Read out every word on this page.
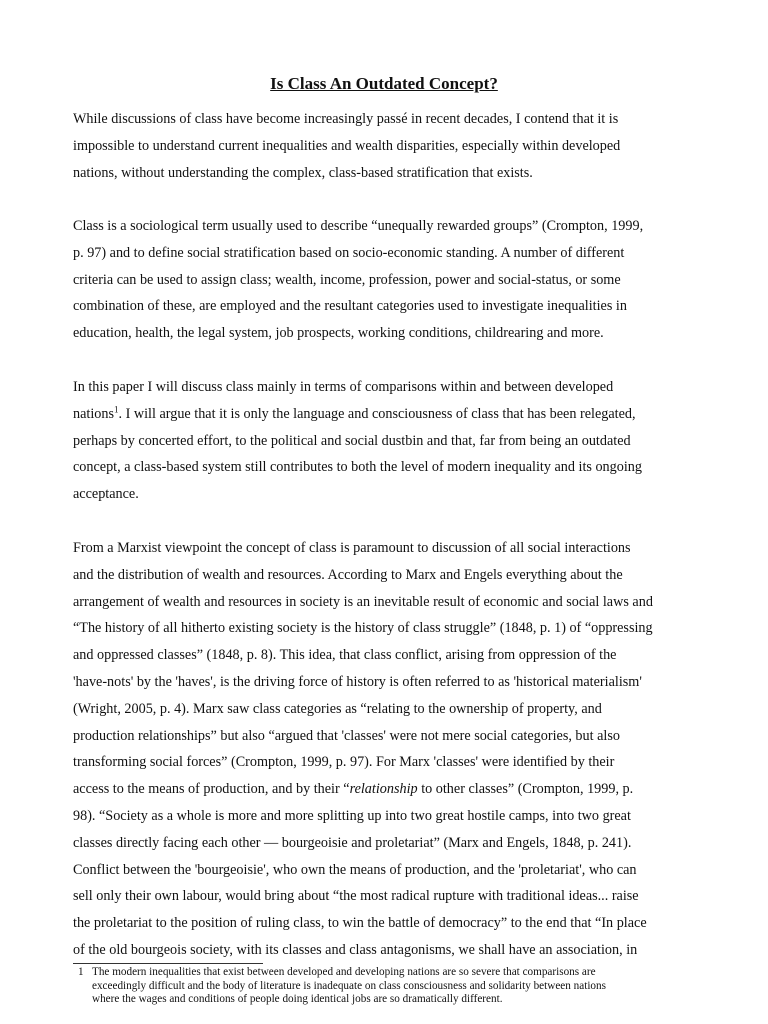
Is Class An Outdated Concept?

While discussions of class have become increasingly passé in recent decades, I contend that it is
impossible to understand current inequalities and wealth disparities, especially within developed
nations, without understanding the complex, class-based stratification that exists.

Class is a sociological term usually used to describe “unequally rewarded groups” (Crompton, 1999,
p. 97) and to define social stratification based on socio-economic standing. A number of different
criteria can be used to assign class; wealth, income, profession, power and social-status, or some
combination of these, are employed and the resultant categories used to investigate inequalities in
education, health, the legal system, job prospects, working conditions, childrearing and more.

In this paper I will discuss class mainly in terms of comparisons within and between developed
nations$^1$. I will argue that it is only the language and consciousness of class that has been relegated,
perhaps by concerted effort, to the political and social dustbin and that, far from being an outdated
concept, a class-based system still contributes to both the level of modern inequality and its ongoing
acceptance.

From a Marxist viewpoint the concept of class is paramount to discussion of all social interactions
and the distribution of wealth and resources. According to Marx and Engels everything about the
arrangement of wealth and resources in society is an inevitable result of economic and social laws and
“The history of all hitherto existing society is the history of class struggle” (1848, p. 1) of “oppressing
and oppressed classes” (1848, p. 8). This idea, that class conflict, arising from oppression of the
'have-nots' by the 'haves', is the driving force of history is often referred to as 'historical materialism'
(Wright, 2005, p. 4). Marx saw class categories as “relating to the ownership of property, and
production relationships” but also “argued that 'classes' were not mere social categories, but also
transforming social forces” (Crompton, 1999, p. 97). For Marx 'classes' were identified by their
access to the means of production, and by their “relationship to other classes” (Crompton, 1999, p.
98). “Society as a whole is more and more splitting up into two great hostile camps, into two great
classes directly facing each other — bourgeoisie and proletariat” (Marx and Engels, 1848, p. 241).
Conflict between the 'bourgeoisie', who own the means of production, and the 'proletariat', who can
sell only their own labour, would bring about “the most radical rupture with traditional ideas... raise
the proletariat to the position of ruling class, to win the battle of democracy” to the end that “In place
of the old bourgeois society, with its classes and class antagonisms, we shall have an association, in

1 The modern inequalities that exist between developed and developing nations are so severe that comparisons are
exceedingly difficult and the body of literature is inadequate on class consciousness and solidarity between nations
where the wages and conditions of people doing identical jobs are so dramatically different.
